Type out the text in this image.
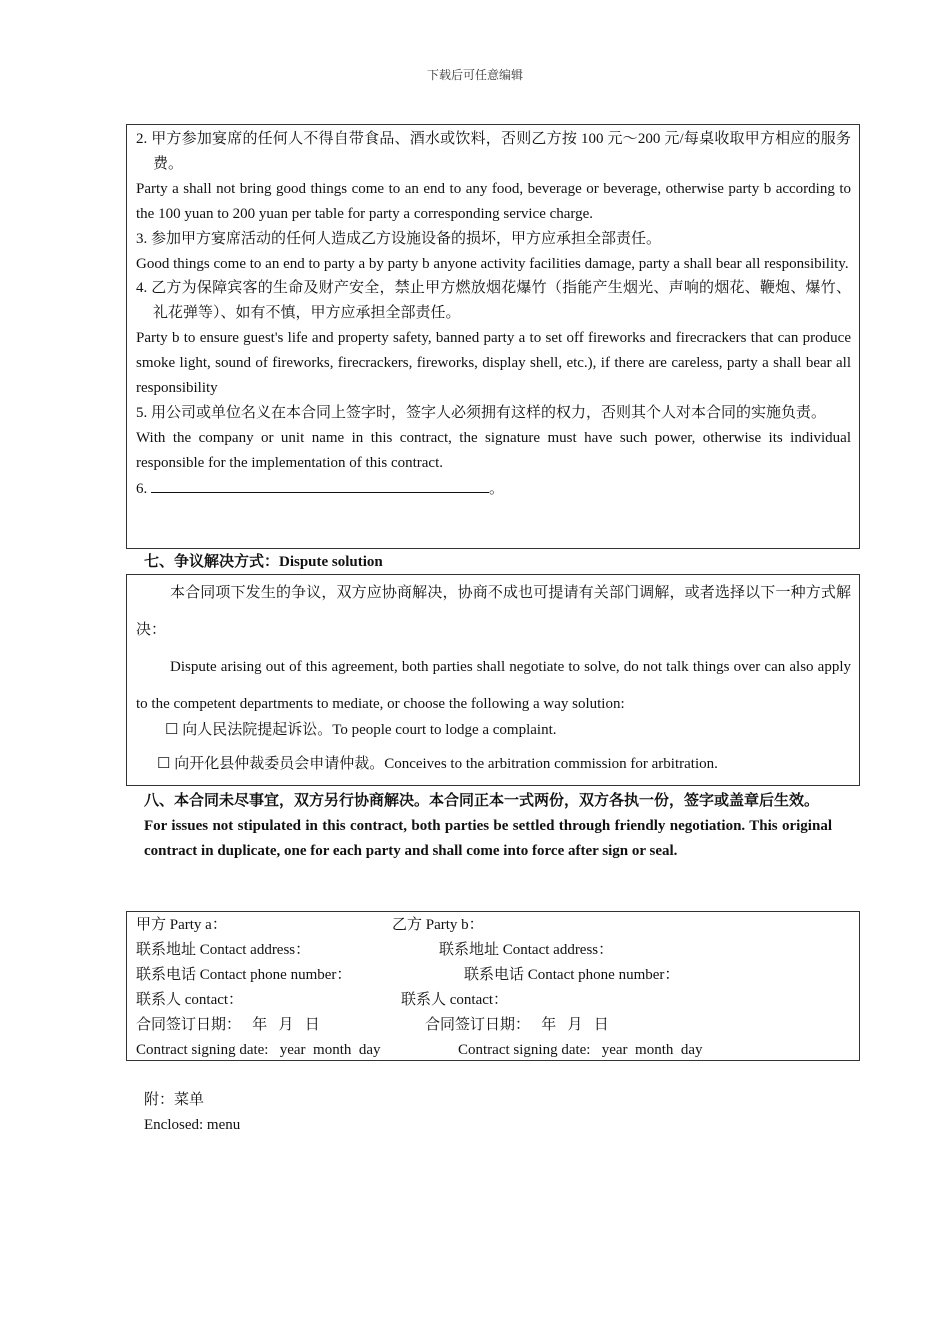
下载后可任意编辑

2. 甲方参加宴席的任何人不得自带食品、酒水或饮料，否则乙方按 100 元～200 元/每桌收取甲方相应的服务费。

Party a shall not bring good things come to an end to any food, beverage or beverage, otherwise party b according to the 100 yuan to 200 yuan per table for party a corresponding service charge.

3. 参加甲方宴席活动的任何人造成乙方设施设备的损坏，甲方应承担全部责任。

Good things come to an end to party a by party b anyone activity facilities damage, party a shall bear all responsibility.

4. 乙方为保障宾客的生命及财产安全，禁止甲方燃放烟花爆竹（指能产生烟光、声响的烟花、鞭炮、爆竹、礼花弹等）、如有不慎，甲方应承担全部责任。

Party b to ensure guest's life and property safety, banned party a to set off fireworks and firecrackers that can produce smoke light, sound of fireworks, firecrackers, fireworks, display shell, etc.), if there are careless, party a shall bear all responsibility

5. 用公司或单位名义在本合同上签字时，签字人必须拥有这样的权力，否则其个人对本合同的实施负责。

With the company or unit name in this contract, the signature must have such power, otherwise its individual responsible for the implementation of this contract.

6.	。

七、争议解决方式：Dispute solution

本合同项下发生的争议，双方应协商解决，协商不成也可提请有关部门调解，或者选择以下一种方式解决：

Dispute arising out of this agreement, both parties shall negotiate to solve, do not talk things over can also apply to the competent departments to mediate, or choose the following a way solution:

☐ 向人民法院提起诉讼。To people court to lodge a complaint.
☐ 向开化县仲裁委员会申请仲裁。Conceives to the arbitration commission for arbitration.

八、本合同未尽事宜，双方另行协商解决。本合同正本一式两份，双方各执一份，签字或盖章后生效。

For issues not stipulated in this contract, both parties be settled through friendly negotiation. This original contract in duplicate, one for each party and shall come into force after sign or seal.

甲方 Party a：	乙方 Party b：
联系地址 Contact address：	联系地址 Contact address：
联系电话 Contact phone number：	联系电话 Contact phone number：
联系人 contact：	联系人 contact：
合同签订日期：   年   月   日	合同签订日期：   年   月   日
Contract signing date:   year  month  day	Contract signing date:   year  month  day

附：菜单

Enclosed: menu
